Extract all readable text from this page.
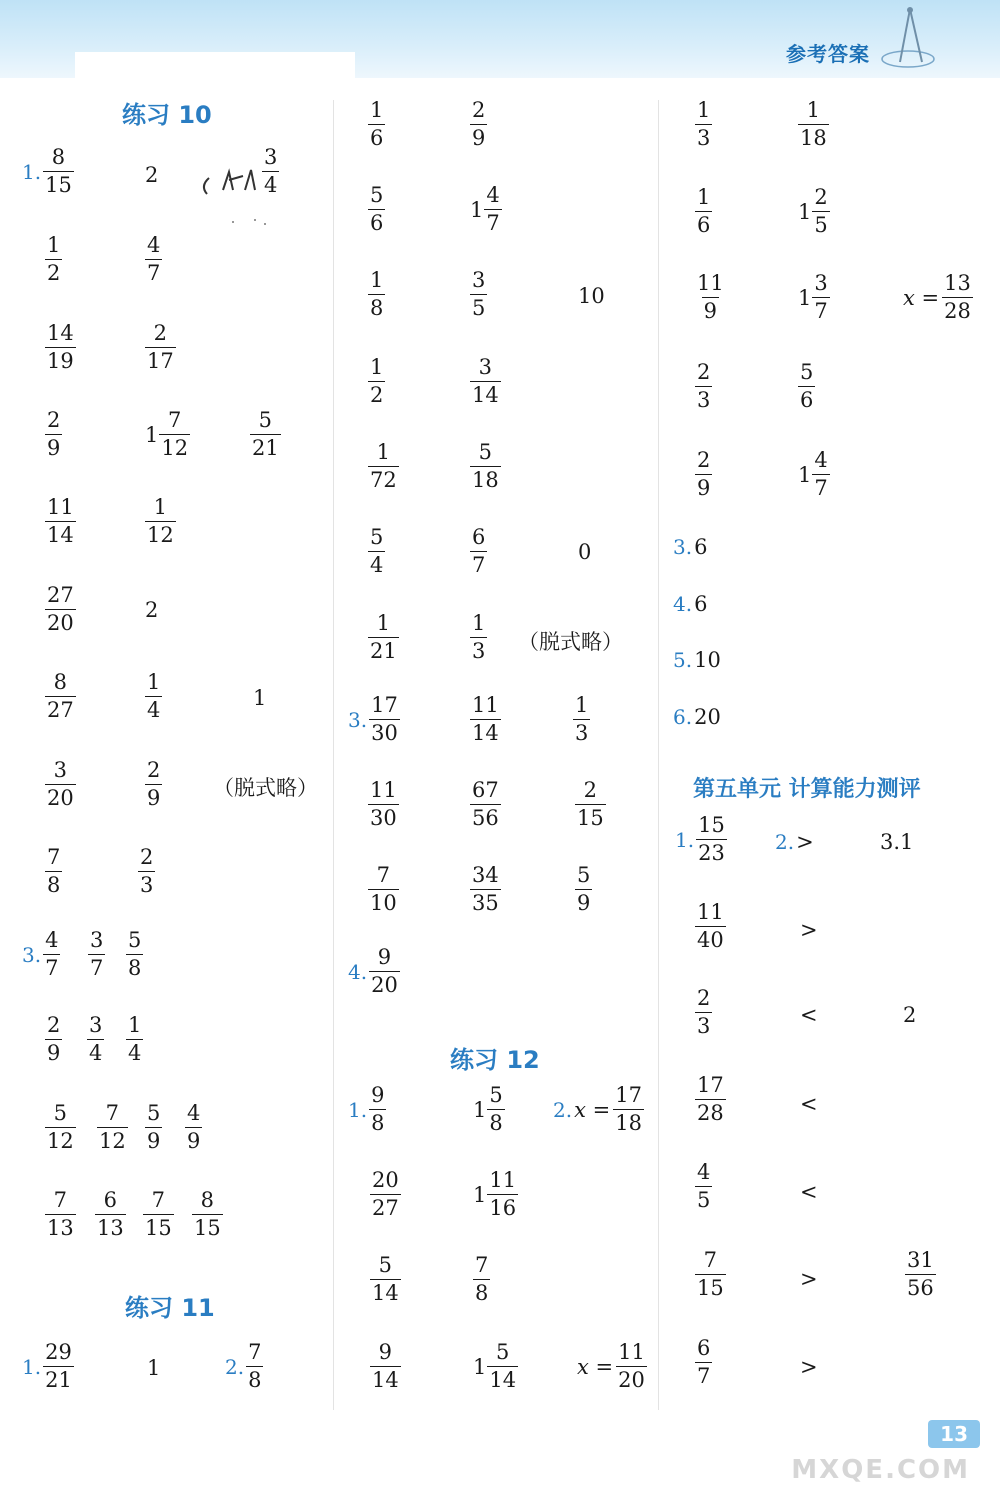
参考答案
练习 10
练习 11
练习 12
第五单元 计算能力测评
1. $\frac{8}{15}$	2	$\frac{3}{4}$
$\frac{1}{2}$	$\frac{4}{7}$
$\frac{14}{19}$	$\frac{2}{17}$
$\frac{2}{9}$	$1 \frac{7}{12}$	$\frac{5}{21}$
$\frac{11}{14}$	$\frac{1}{12}$
$\frac{27}{20}$	2
$\frac{8}{27}$	$\frac{1}{4}$	1
$\frac{3}{20}$	$\frac{2}{9}$ （脱式略）
$\frac{7}{8}$	$\frac{2}{3}$
3. $\frac{4}{7} \frac{3}{7} \frac{5}{8}$
$\frac{2}{9} \frac{3}{4} \frac{1}{4}$
$\frac{5}{12} \frac{7}{12} \frac{5}{9} \frac{4}{9}$
$\frac{7}{13} \frac{6}{13} \frac{7}{15} \frac{8}{15}$
1. $\frac{29}{21}$	1	2. $\frac{7}{8}$
$\frac{1}{6}$	$\frac{2}{9}$
$\frac{5}{6}$	$1 \frac{4}{7}$
$\frac{1}{8}$	$\frac{3}{5}$	10
$\frac{1}{2}$	$\frac{3}{14}$
$\frac{1}{72}$	$\frac{5}{18}$
$\frac{5}{4}$	$\frac{6}{7}$	0
$\frac{1}{21}$	$\frac{1}{3}$ （脱式略）
3. $\frac{17}{30}$	$\frac{11}{14}$	$\frac{1}{3}$
$\frac{11}{30}$	$\frac{67}{56}$	$\frac{2}{15}$
$\frac{7}{10}$	$\frac{34}{35}$	$\frac{5}{9}$
4. $\frac{9}{20}$
1. $\frac{9}{8}$	$1 \frac{5}{8} 2$. $x = \frac{17}{18}$
$\frac{20}{27}$	$1 \frac{11}{16}$
$\frac{5}{14}$	$\frac{7}{8}$
$\frac{9}{14}$	$1 \frac{5}{14}$	$x = \frac{11}{20}$
$\frac{1}{3}$	$\frac{1}{18}$
$\frac{1}{6}$	$1 \frac{2}{5}$
$\frac{11}{9}$	$1 \frac{3}{7}$	$x = \frac{13}{28}$
$\frac{2}{3}$	$\frac{5}{6}$
$\frac{2}{9}$	$1 \frac{4}{7}$
3. 6
4. 6
5. 10
6. 20
1. $\frac{15}{23} 2$. >	3.1
$\frac{11}{40}$	>
$\frac{2}{3}$	<	2
$\frac{17}{28}$	<
$\frac{4}{5}$	<
$\frac{7}{15}$	>	$\frac{31}{56}$
$\frac{6}{7}$	>
13
MXQE.COM
